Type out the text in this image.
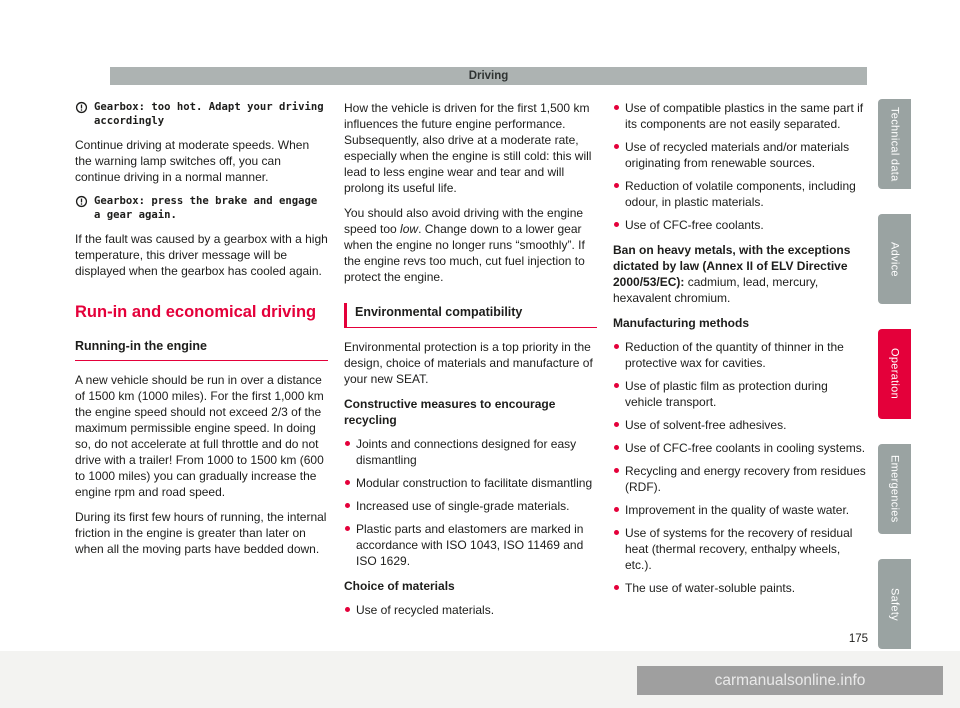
Driving
Gearbox: too hot. Adapt your driving accordingly

Continue driving at moderate speeds. When the warning lamp switches off, you can continue driving in a normal manner.

Gearbox: press the brake and engage a gear again.

If the fault was caused by a gearbox with a high temperature, this driver message will be displayed when the gearbox has cooled again.

Run-in and economical driving
Running-in the engine

A new vehicle should be run in over a distance of 1500 km (1000 miles). For the first 1,000 km the engine speed should not exceed 2/3 of the maximum permissible engine speed. In doing so, do not accelerate at full throttle and do not drive with a trailer! From 1000 to 1500 km (600 to 1000 miles) you can gradually increase the engine rpm and road speed.

During its first few hours of running, the internal friction in the engine is greater than later on when all the moving parts have bedded down.

How the vehicle is driven for the first 1,500 km influences the future engine performance. Subsequently, also drive at a moderate rate, especially when the engine is still cold: this will lead to less engine wear and tear and will prolong its useful life.

You should also avoid driving with the engine speed too low. Change down to a lower gear when the engine no longer runs “smoothly”. If the engine revs too much, cut fuel injection to protect the engine.

Environmental compatibility

Environmental protection is a top priority in the design, choice of materials and manufacture of your new SEAT.

Constructive measures to encourage recycling

Joints and connections designed for easy dismantling
Modular construction to facilitate dismantling
Increased use of single-grade materials.
Plastic parts and elastomers are marked in accordance with ISO 1043, ISO 11469 and ISO 1629.

Choice of materials

Use of recycled materials.
Use of compatible plastics in the same part if its components are not easily separated.
Use of recycled materials and/or materials originating from renewable sources.
Reduction of volatile components, including odour, in plastic materials.
Use of CFC-free coolants.

Ban on heavy metals, with the exceptions dictated by law (Annex II of ELV Directive 2000/53/EC): cadmium, lead, mercury, hexavalent chromium.

Manufacturing methods

Reduction of the quantity of thinner in the protective wax for cavities.
Use of plastic film as protection during vehicle transport.
Use of solvent-free adhesives.
Use of CFC-free coolants in cooling systems.
Recycling and energy recovery from residues (RDF).
Improvement in the quality of waste water.
Use of systems for the recovery of residual heat (thermal recovery, enthalpy wheels, etc.).
The use of water-soluble paints.
Technical data
Advice
Operation
Emergencies
Safety
175
carmanualsonline.info
